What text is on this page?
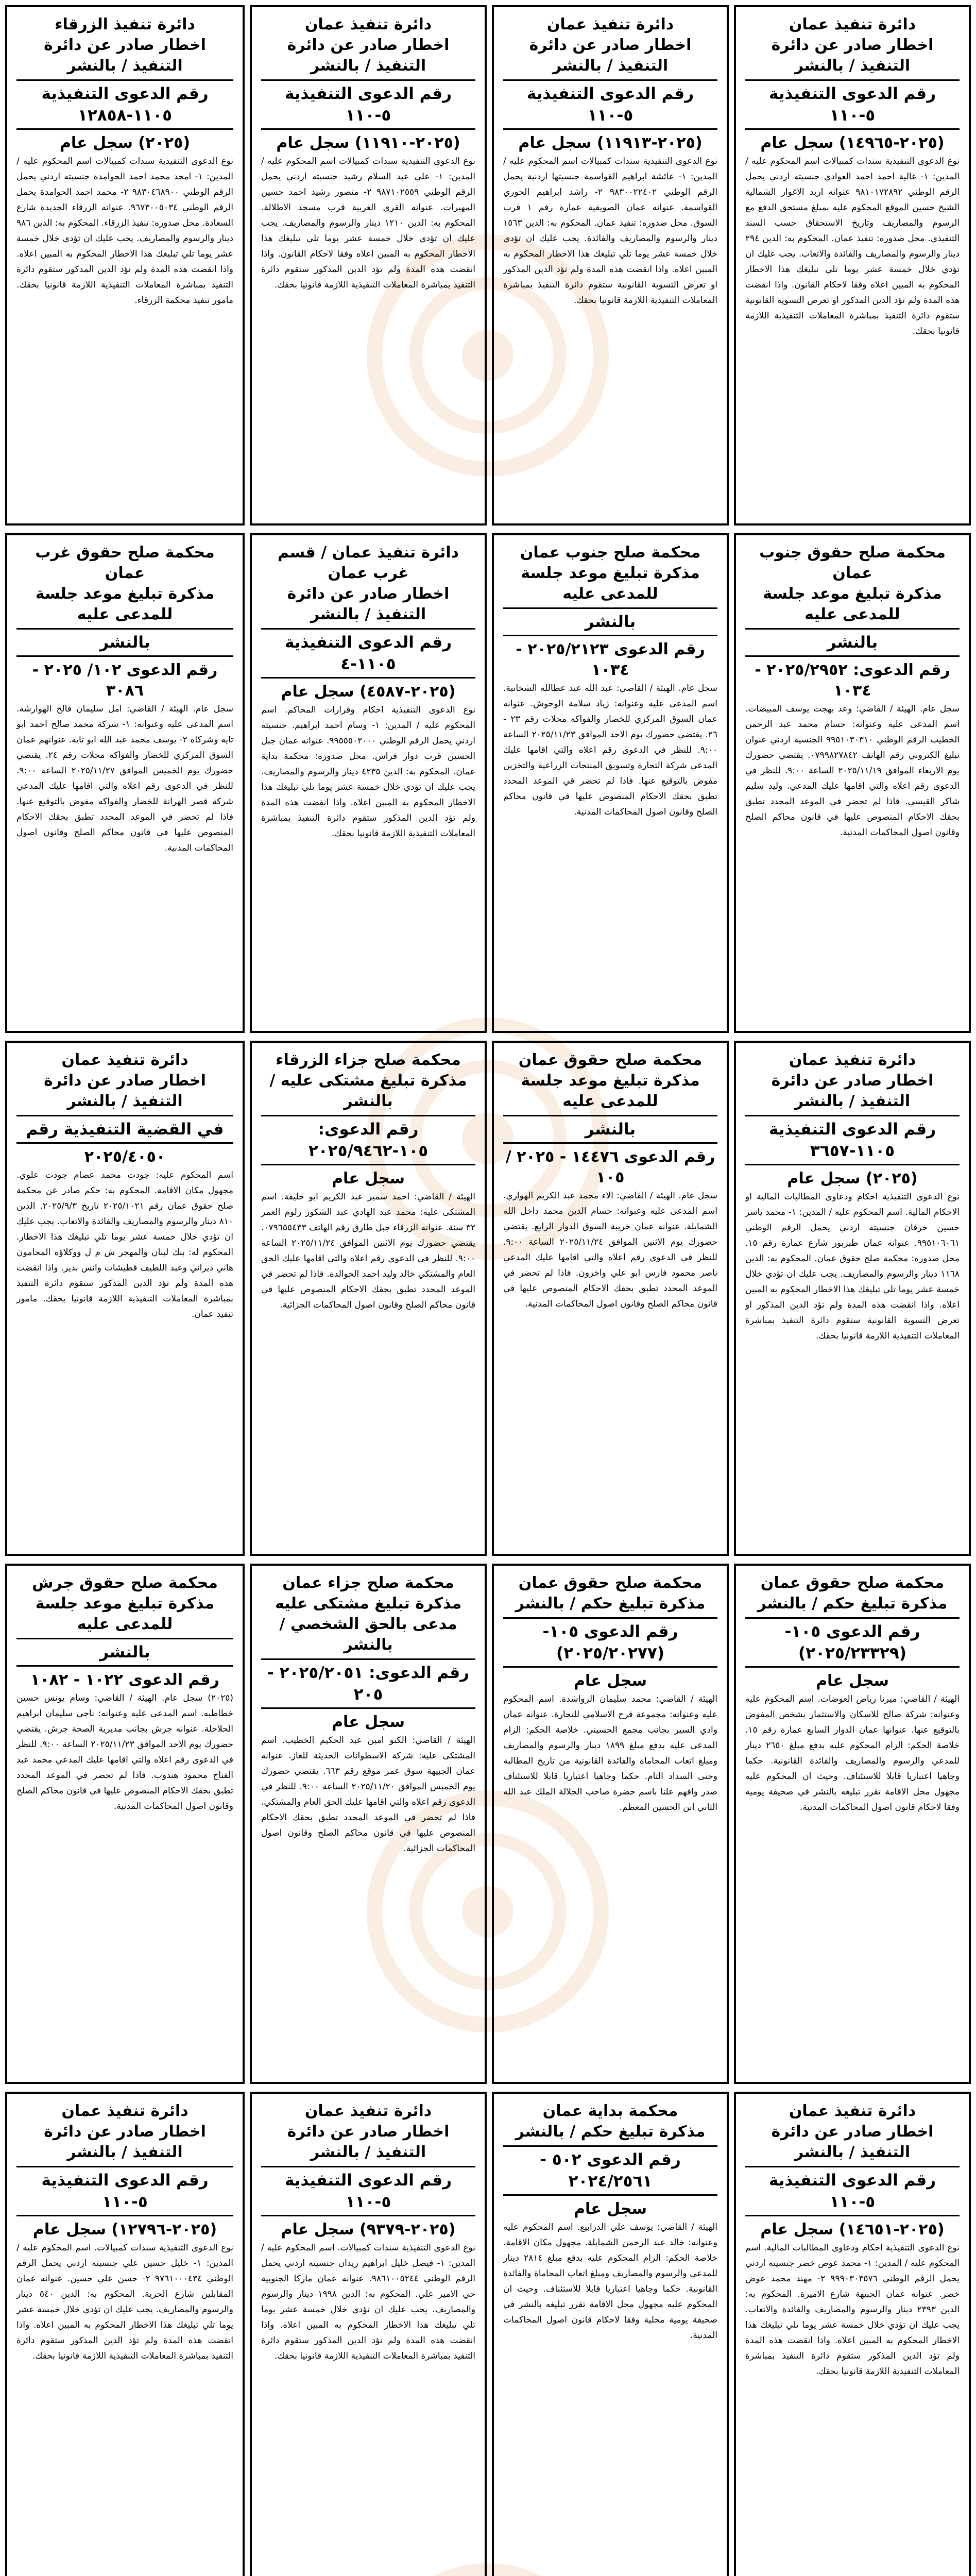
دائرة تنفيذ عمان
اخطار صادر عن دائرة التنفيذ / بالنشر
رقم الدعوى التنفيذية ٥-١١٠
(٢٠٢٥-١٤٩٦٥) سجل عام

نوع الدعوى التنفيذية سندات كمبيالات اسم المحكوم عليه / المدين: ١- غالية احمد احمد العوادي جنسيته اردني يحمل الرقم الوطني ٩٨١٠١٧٢٨٩٢ عنوانه اربد الاغوار الشمالية الشيخ حسين الموقع المحكوم عليه بمبلغ مستحق الدفع مع الرسوم والمصاريف وتاريخ الاستحقاق حسب السند التنفيذي. محل صدوره: تنفيذ عمان. المحكوم به: الدين ٢٩٤ دينار والرسوم والمصاريف والفائدة والاتعاب. يجب عليك ان تؤدي خلال خمسة عشر يوما تلي تبليغك هذا الاخطار المحكوم به المبين اعلاه وفقا لاحكام القانون. واذا انقضت هذه المدة ولم تؤد الدين المذكور او تعرض التسوية القانونية ستقوم دائرة التنفيذ بمباشرة المعاملات التنفيذية اللازمة قانونيا بحقك.

دائرة تنفيذ عمان
اخطار صادر عن دائرة التنفيذ / بالنشر
رقم الدعوى التنفيذية ٥-١١٠
(٢٠٢٥-١١٩١٣) سجل عام

نوع الدعوى التنفيذية سندات كمبيالات اسم المحكوم عليه / المدين: ١- عائشة ابراهيم القواسمة جنسيتها اردنية يحمل الرقم الوطني ٩٨٣٠٠٢٢٤٠٢ ٢- راشد ابراهيم الحوري القواسمة. عنوانه عمان الصويفية عمارة رقم ١ قرب السوق. محل صدوره: تنفيذ عمان. المحكوم به: الدين ١٥٦٣ دينار والرسوم والمصاريف والفائدة. يجب عليك ان تؤدي خلال خمسة عشر يوما تلي تبليغك هذا الاخطار المحكوم به المبين اعلاه. واذا انقضت هذه المدة ولم تؤد الدين المذكور او تعرض التسوية القانونية ستقوم دائرة التنفيذ بمباشرة المعاملات التنفيذية اللازمة قانونيا بحقك.

دائرة تنفيذ عمان
اخطار صادر عن دائرة التنفيذ / بالنشر
رقم الدعوى التنفيذية ٥-١١٠
(٢٠٢٥-١١٩١٠) سجل عام

نوع الدعوى التنفيذية سندات كمبيالات اسم المحكوم عليه / المدين: ١- علي عبد السلام رشيد جنسيته اردني يحمل الرقم الوطني ٩٨٧١٠٢٥٥٩ ٢- منصور رشيد احمد حسين المهيرات. عنوانه القرى الغربية قرب مسجد الاطلالة. المحكوم به: الدين ١٢١٠ دينار والرسوم والمصاريف. يجب عليك ان تؤدي خلال خمسة عشر يوما تلي تبليغك هذا الاخطار المحكوم به المبين اعلاه وفقا لاحكام القانون. واذا انقضت هذه المدة ولم تؤد الدين المذكور ستقوم دائرة التنفيذ بمباشرة المعاملات التنفيذية اللازمة قانونيا بحقك.

دائرة تنفيذ الزرقاء
اخطار صادر عن دائرة التنفيذ / بالنشر
رقم الدعوى التنفيذية ١١٠٥-١٢٨٥٨
(٢٠٢٥) سجل عام

نوع الدعوى التنفيذية سندات كمبيالات اسم المحكوم عليه / المدين: ١- امجد محمد احمد الحوامدة جنسيته اردني يحمل الرقم الوطني ٩٨٣٠٤٦٨٩٠٠ ٢- محمد احمد الحوامدة يحمل الرقم الوطني ٩٦٧٣٠٠٥٠٣٤. عنوانه الزرقاء الجديدة شارع السعادة. محل صدوره: تنفيذ الزرقاء. المحكوم به: الدين ٩٨٦ دينار والرسوم والمصاريف. يجب عليك ان تؤدي خلال خمسة عشر يوما تلي تبليغك هذا الاخطار المحكوم به المبين اعلاه. واذا انقضت هذه المدة ولم تؤد الدين المذكور ستقوم دائرة التنفيذ بمباشرة المعاملات التنفيذية اللازمة قانونيا بحقك. مامور تنفيذ محكمة الزرقاء.

محكمة صلح حقوق جنوب عمان
مذكرة تبليغ موعد جلسة للمدعى عليه
بالنشر
رقم الدعوى: ٢٠٢٥/٢٩٥٢ - ١٠٣٤

سجل عام. الهيئة / القاضي: وعد بهجت يوسف المبيضات. اسم المدعى عليه وعنوانه: حسام محمد عبد الرحمن الخطيب الرقم الوطني ٩٩٥١٠٣٠٣١٠ الجنسية اردني عنوان تبليغ الكتروني رقم الهاتف ٠٧٩٩٨٢٧٨٤٢. يقتضي حضورك يوم الاربعاء الموافق ٢٠٢٥/١١/١٩ الساعة ٩:٠٠. للنظر في الدعوى رقم اعلاه والتي اقامها عليك المدعي. وليد سليم شاكر القيسي. فاذا لم تحضر في الموعد المحدد تطبق بحقك الاحكام المنصوص عليها في قانون محاكم الصلح وقانون اصول المحاكمات المدنية.

محكمة صلح جنوب عمان
مذكرة تبليغ موعد جلسة للمدعى عليه
بالنشر
رقم الدعوى ٢٠٢٥/٢١٢٣ - ١٠٣٤

سجل عام. الهيئة / القاضي: عبد الله عبد عطالله الشخانبة. اسم المدعى عليه وعنوانه: زياد سلامة الوحوش. عنوانه عمان السوق المركزي للخضار والفواكه محلات رقم ٢٣ - ٢٦. يقتضي حضورك يوم الاحد الموافق ٢٠٢٥/١١/٢٣ الساعة ٩:٠٠. للنظر في الدعوى رقم اعلاه والتي اقامها عليك المدعي شركة التجارة وتسويق المنتجات الزراعية والتخزين مفوض بالتوقيع عنها. فاذا لم تحضر في الموعد المحدد تطبق بحقك الاحكام المنصوص عليها في قانون محاكم الصلح وقانون اصول المحاكمات المدنية.

دائرة تنفيذ عمان / قسم غرب عمان
اخطار صادر عن دائرة التنفيذ / بالنشر
رقم الدعوى التنفيذية ١١٠٥-٤
(٢٠٢٥-٤٥٨٧) سجل عام

نوع الدعوى التنفيذية احكام وقرارات المحاكم. اسم المحكوم عليه / المدين: ١- وسام احمد ابراهيم. جنسيته اردني يحمل الرقم الوطني ٩٩٥٥٥٠٢٠٠٠. عنوانه عمان جبل الحسين قرب دوار فراس. محل صدوره: محكمة بداية عمان. المحكوم به: الدين ٤٢٣٥ دينار والرسوم والمصاريف. يجب عليك ان تؤدي خلال خمسة عشر يوما تلي تبليغك هذا الاخطار المحكوم به المبين اعلاه. واذا انقضت هذه المدة ولم تؤد الدين المذكور ستقوم دائرة التنفيذ بمباشرة المعاملات التنفيذية اللازمة قانونيا بحقك.

محكمة صلح حقوق غرب عمان
مذكرة تبليغ موعد جلسة للمدعى عليه
بالنشر
رقم الدعوى ١٠٢/ ٢٠٢٥ - ٣٠٨٦

سجل عام. الهيئة / القاضي: امل سليمان فالح الهوارشه. اسم المدعى عليه وعنوانه: ١- شركة محمد صالح احمد ابو تايه وشركاه ٢- يوسف محمد عبد الله ابو تايه. عنوانهم عمان السوق المركزي للخضار والفواكه محلات رقم ٢٤. يقتضي حضورك يوم الخميس الموافق ٢٠٢٥/١١/٢٧ الساعة ٩:٠٠. للنظر في الدعوى رقم اعلاه والتي اقامها عليك المدعي شركة قصر الهرانة للخضار والفواكه مفوض بالتوقيع عنها. فاذا لم تحضر في الموعد المحدد تطبق بحقك الاحكام المنصوص عليها في قانون محاكم الصلح وقانون اصول المحاكمات المدنية.

دائرة تنفيذ عمان
اخطار صادر عن دائرة التنفيذ / بالنشر
رقم الدعوى التنفيذية ١١٠٥-٣٦٥٧
(٢٠٢٥) سجل عام

نوع الدعوى التنفيذية احكام ودعاوى المطالبات المالية او الاحكام المالية. اسم المحكوم عليه / المدين: ١- محمد ياسر حسين خرفان جنسيته اردني يحمل الرقم الوطني ٩٩٥١٠٦٠٦١. عنوانه عمان طبربور شارع عمارة رقم ١٥. محل صدوره: محكمة صلح حقوق عمان. المحكوم به: الدين ١١٦٨ دينار والرسوم والمصاريف. يجب عليك ان تؤدي خلال خمسة عشر يوما تلي تبليغك هذا الاخطار المحكوم به المبين اعلاه. واذا انقضت هذه المدة ولم تؤد الدين المذكور او تعرض التسوية القانونية ستقوم دائرة التنفيذ بمباشرة المعاملات التنفيذية اللازمة قانونيا بحقك.

محكمة صلح حقوق عمان
مذكرة تبليغ موعد جلسة للمدعى عليه
بالنشر
رقم الدعوى ١٤٤٧٦ - ٢٠٢٥ / ١٠٥

سجل عام. الهيئة / القاضي: الاء محمد عبد الكريم الهواري. اسم المدعى عليه وعنوانه: حسام الدين محمد داخل الله الشمايلة. عنوانه عمان خريبة السوق الدوار الرابع. يقتضي حضورك يوم الاثنين الموافق ٢٠٢٥/١١/٢٤ الساعة ٩:٠٠. للنظر في الدعوى رقم اعلاه والتي اقامها عليك المدعي ناصر محمود فارس ابو علي واخرون. فاذا لم تحضر في الموعد المحدد تطبق بحقك الاحكام المنصوص عليها في قانون محاكم الصلح وقانون اصول المحاكمات المدنية.

محكمة صلح جزاء الزرقاء
مذكرة تبليغ مشتكى عليه / بالنشر
رقم الدعوى: ١٠٥-٢٠٢٥/٩٤٦٢
سجل عام

الهيئة / القاضي: احمد سمير عبد الكريم ابو خليفة. اسم المشتكى عليه: محمد عبد الهادي عبد الشكور زلوم العمر ٣٢ سنة. عنوانه الزرقاء جبل طارق رقم الهاتف ٠٧٩٦٥٥٤٣٣. يقتضي حضورك يوم الاثنين الموافق ٢٠٢٥/١١/٢٤ الساعة ٩:٠٠. للنظر في الدعوى رقم اعلاه والتي اقامها عليك الحق العام والمشتكي خالد وليد احمد الخوالدة. فاذا لم تحضر في الموعد المحدد تطبق بحقك الاحكام المنصوص عليها في قانون محاكم الصلح وقانون اصول المحاكمات الجزائية.

دائرة تنفيذ عمان
اخطار صادر عن دائرة التنفيذ / بالنشر
في القضية التنفيذية رقم
٢٠٢٥/٤٠٥٠

اسم المحكوم عليه: جودت محمد عصام جودت علوي. مجهول مكان الاقامة. المحكوم به: حكم صادر عن محكمة صلح حقوق عمان رقم ٢٠٢٥/١٠٢١ تاريخ ٢٠٢٥/٩/٣. الدين ٨١٠ دينار والرسوم والمصاريف والفائدة والاتعاب. يجب عليك ان تؤدي خلال خمسة عشر يوما تلي تبليغك هذا الاخطار. المحكوم له: بنك لبنان والمهجر ش م ل ووكلاؤه المحامون هاني ديراني وعبد اللطيف قطيشات وانس بدير. واذا انقضت هذه المدة ولم تؤد الدين المذكور ستقوم دائرة التنفيذ بمباشرة المعاملات التنفيذية اللازمة قانونيا بحقك. مامور تنفيذ عمان.

محكمة صلح حقوق عمان
مذكرة تبليغ حكم / بالنشر
رقم الدعوى ١٠٥-(٢٠٢٥/٢٣٣٢٩)
سجل عام

الهيئة / القاضي: ميرنا رياض العوضات. اسم المحكوم عليه وعنوانه: شركة صالح للاسكان والاستثمار بشخص المفوض بالتوقيع عنها. عنوانها عمان الدوار السابع عمارة رقم ١٥. خلاصة الحكم: الزام المحكوم عليه بدفع مبلغ ٢٦٥٠ دينار للمدعي والرسوم والمصاريف والفائدة القانونية. حكما وجاهيا اعتباريا قابلا للاستئناف. وحيث ان المحكوم عليه مجهول محل الاقامة تقرر تبليغه بالنشر في صحيفة يومية وفقا لاحكام قانون اصول المحاكمات المدنية.

محكمة صلح حقوق عمان
مذكرة تبليغ حكم / بالنشر
رقم الدعوى ١٠٥-(٢٠٢٥/٢٠٢٧٧)
سجل عام

الهيئة / القاضي: محمد سليمان الرواشدة. اسم المحكوم عليه وعنوانه: مجموعة فرح الاسلامي للتجارة. عنوانه عمان وادي السير بجانب مجمع الحسيني. خلاصة الحكم: الزام المدعى عليه بدفع مبلغ ١٨٩٩ دينار والرسوم والمصاريف ومبلغ اتعاب المحاماة والفائدة القانونية من تاريخ المطالبة وحتى السداد التام. حكما وجاهيا اعتباريا قابلا للاستئناف صدر وافهم علنا باسم حضرة صاحب الجلالة الملك عبد الله الثاني ابن الحسين المعظم.

محكمة صلح جزاء عمان
مذكرة تبليغ مشتكى عليه مدعى بالحق الشخصي / بالنشر
رقم الدعوى: ٢٠٢٥/٢٠٥١ - ٢٠٥
سجل عام

الهيئة / القاضي: الكنو امين عبد الحكيم الخطيب. اسم المشتكى عليه: شركة الاسطوانات الحديثة للغاز. عنوانه عمان الجبيهة سوق عمر موقع رقم ٦٦٣. يقتضي حضورك يوم الخميس الموافق ٢٠٢٥/١١/٢٠ الساعة ٩:٠٠. للنظر في الدعوى رقم اعلاه والتي اقامها عليك الحق العام والمشتكي. فاذا لم تحضر في الموعد المحدد تطبق بحقك الاحكام المنصوص عليها في قانون محاكم الصلح وقانون اصول المحاكمات الجزائية.

محكمة صلح حقوق جرش
مذكرة تبليغ موعد جلسة للمدعى عليه
بالنشر
رقم الدعوى ١٠٢٢ - ١٠٨٢

(٢٠٢٥) سجل عام. الهيئة / القاضي: وسام يونس حسين خطاطبه. اسم المدعى عليه وعنوانه: ناجي سليمان ابراهيم الحلاحلة. عنوانه جرش بجانب مديرية الصحة جرش. يقتضي حضورك يوم الاحد الموافق ٢٠٢٥/١١/٢٣ الساعة ٩:٠٠. للنظر في الدعوى رقم اعلاه والتي اقامها عليك المدعي محمد عبد الفتاح محمود هندوب. فاذا لم تحضر في الموعد المحدد تطبق بحقك الاحكام المنصوص عليها في قانون محاكم الصلح وقانون اصول المحاكمات المدنية.

دائرة تنفيذ عمان
اخطار صادر عن دائرة التنفيذ / بالنشر
رقم الدعوى التنفيذية ٥-١١٠
(٢٠٢٥-١٤٦٥١) سجل عام

نوع الدعوى التنفيذية احكام ودعاوى المطالبات المالية. اسم المحكوم عليه / المدين: ١- محمد عوض خضر جنسيته اردني يحمل الرقم الوطني ٩٩٩٠٣٠٣٥٧٦ ٢- مهند محمد عوض خضر. عنوانه عمان الجبيهة شارع الاميرة. المحكوم به: الدين ٢٣٩٣ دينار والرسوم والمصاريف والفائدة والاتعاب. يجب عليك ان تؤدي خلال خمسة عشر يوما تلي تبليغك هذا الاخطار المحكوم به المبين اعلاه. واذا انقضت هذه المدة ولم تؤد الدين المذكور ستقوم دائرة التنفيذ بمباشرة المعاملات التنفيذية اللازمة قانونيا بحقك.

محكمة بداية عمان
مذكرة تبليغ حكم / بالنشر
رقم الدعوى ٥٠٢ - ٢٠٢٤/٢٥٦١
سجل عام

الهيئة / القاضي: يوسف علي الدرابيع. اسم المحكوم عليه وعنوانه: خالد عبد الرحمن الشمايلة. مجهول مكان الاقامة. خلاصة الحكم: الزام المحكوم عليه بدفع مبلغ ٢٨١٤ دينار للمدعي والرسوم والمصاريف ومبلغ اتعاب المحاماة والفائدة القانونية. حكما وجاهيا اعتباريا قابلا للاستئناف. وحيث ان المحكوم عليه مجهول محل الاقامة تقرر تبليغه بالنشر في صحيفة يومية محلية وفقا لاحكام قانون اصول المحاكمات المدنية.

دائرة تنفيذ عمان
اخطار صادر عن دائرة التنفيذ / بالنشر
رقم الدعوى التنفيذية ٥-١١٠
(٢٠٢٥-٩٣٧٩) سجل عام

نوع الدعوى التنفيذية سندات كمبيالات. اسم المحكوم عليه / المدين: ١- فيصل خليل ابراهيم زيدان جنسيته اردني يحمل الرقم الوطني ٩٨٦١٠٠٥٢٤٤. عنوانه عمان ماركا الجنوبية حي الامير علي. المحكوم به: الدين ١٩٩٨ دينار والرسوم والمصاريف. يجب عليك ان تؤدي خلال خمسة عشر يوما تلي تبليغك هذا الاخطار المحكوم به المبين اعلاه. واذا انقضت هذه المدة ولم تؤد الدين المذكور ستقوم دائرة التنفيذ بمباشرة المعاملات التنفيذية اللازمة قانونيا بحقك.

دائرة تنفيذ عمان
اخطار صادر عن دائرة التنفيذ / بالنشر
رقم الدعوى التنفيذية ٥-١١٠
(٢٠٢٥-١٢٧٩٦) سجل عام

نوع الدعوى التنفيذية سندات كمبيالات. اسم المحكوم عليه / المدين: ١- خليل حسين علي جنسيته اردني يحمل الرقم الوطني ٩٧٦١٠٠٠٤٣٤ ٢- حسن علي حسين. عنوانه عمان المقابلين شارع الحرية. المحكوم به: الدين ٥٤٠ دينار والرسوم والمصاريف. يجب عليك ان تؤدي خلال خمسة عشر يوما تلي تبليغك هذا الاخطار المحكوم به المبين اعلاه. واذا انقضت هذه المدة ولم تؤد الدين المذكور ستقوم دائرة التنفيذ بمباشرة المعاملات التنفيذية اللازمة قانونيا بحقك.
